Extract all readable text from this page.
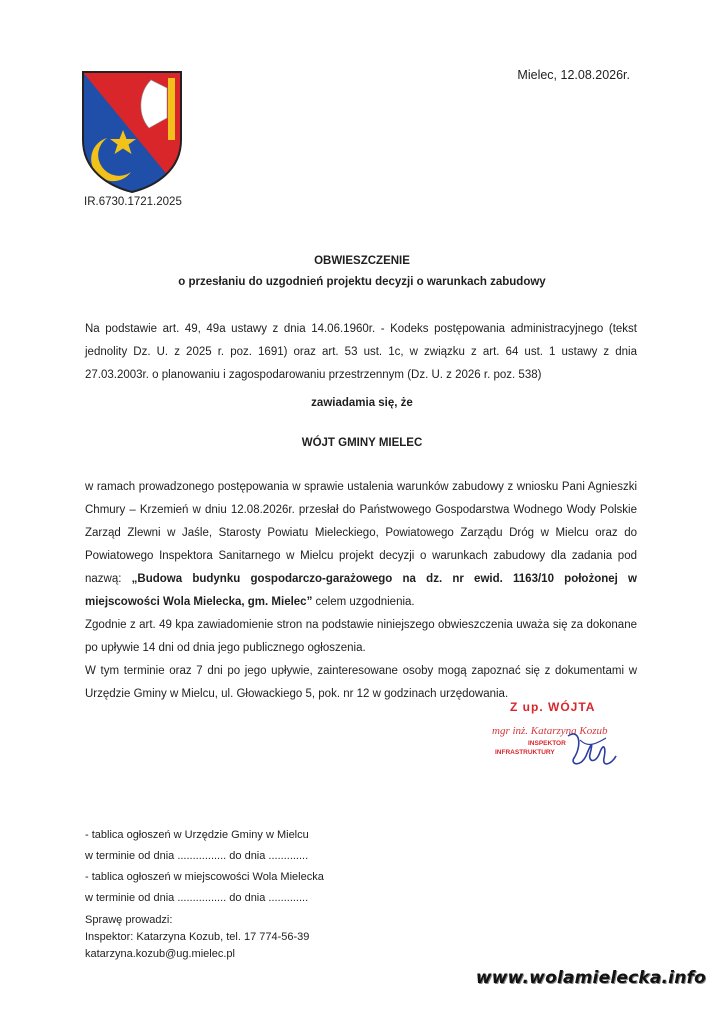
IR.6730.1721.2025
Mielec, 12.08.2026r.
OBWIESZCZENIE
o przesłaniu do uzgodnień projektu decyzji o warunkach zabudowy
Na podstawie art. 49, 49a ustawy z dnia 14.06.1960r. - Kodeks postępowania administracyjnego (tekst jednolity Dz. U. z 2025 r. poz. 1691) oraz art. 53 ust. 1c, w związku z art. 64 ust. 1 ustawy z dnia 27.03.2003r. o planowaniu i zagospodarowaniu przestrzennym (Dz. U. z 2026 r. poz. 538)
zawiadamia się, że
WÓJT GMINY MIELEC
w ramach prowadzonego postępowania w sprawie ustalenia warunków zabudowy z wniosku Pani Agnieszki Chmury – Krzemień w dniu 12.08.2026r. przesłał do Państwowego Gospodarstwa Wodnego Wody Polskie Zarząd Zlewni w Jaśle, Starosty Powiatu Mieleckiego, Powiatowego Zarządu Dróg w Mielcu oraz do Powiatowego Inspektora Sanitarnego w Mielcu projekt decyzji o warunkach zabudowy dla zadania pod nazwą: „Budowa budynku gospodarczo-garażowego na dz. nr ewid. 1163/10 położonej w miejscowości Wola Mielecka, gm. Mielec” celem uzgodnienia.
Zgodnie z art. 49 kpa zawiadomienie stron na podstawie niniejszego obwieszczenia uważa się za dokonane po upływie 14 dni od dnia jego publicznego ogłoszenia.
W tym terminie oraz 7 dni po jego upływie, zainteresowane osoby mogą zapoznać się z dokumentami w Urzędzie Gminy w Mielcu, ul. Głowackiego 5, pok. nr 12 w godzinach urzędowania.
Z up. WÓJTA
mgr inż. Katarzyna Kozub
INSPEKTOR
INFRASTRUKTURY
- tablica ogłoszeń w Urzędzie Gminy w Mielcu
w terminie od dnia ................ do dnia .............
- tablica ogłoszeń w miejscowości Wola Mielecka
w terminie od dnia ................ do dnia .............
Sprawę prowadzi:
Inspektor: Katarzyna Kozub, tel. 17 774-56-39
katarzyna.kozub@ug.mielec.pl
www.wolamielecka.info
